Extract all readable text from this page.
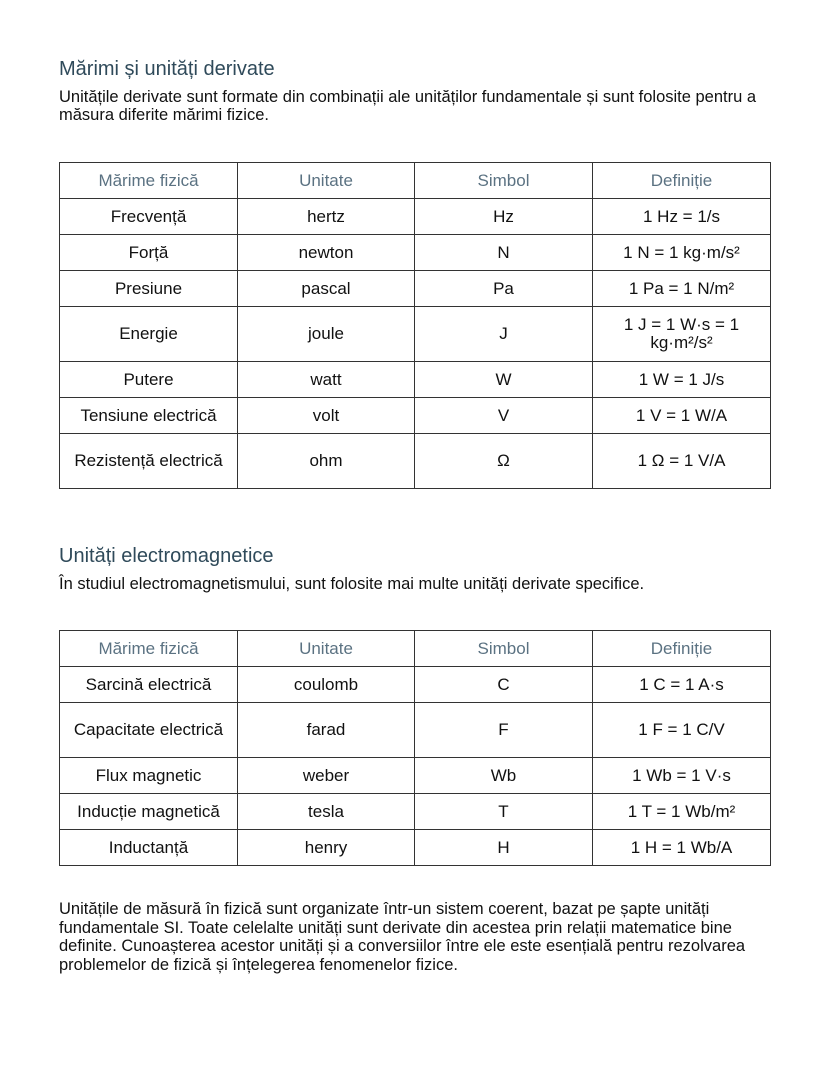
Mărimi și unități derivate

Unitățile derivate sunt formate din combinații ale unităților fundamentale și sunt folosite pentru a măsura diferite mărimi fizice.

Mărime fizică	Unitate	Simbol	Definiție
Frecvență	hertz	Hz	1 Hz = 1/s
Forță	newton	N	1 N = 1 kg·m/s²
Presiune	pascal	Pa	1 Pa = 1 N/m²
Energie	joule	J	1 J = 1 W·s = 1 kg·m²/s²
Putere	watt	W	1 W = 1 J/s
Tensiune electrică	volt	V	1 V = 1 W/A
Rezistență electrică	ohm	Ω	1 Ω = 1 V/A
Unități electromagnetice

În studiul electromagnetismului, sunt folosite mai multe unități derivate specifice.

Mărime fizică	Unitate	Simbol	Definiție
Sarcină electrică	coulomb	C	1 C = 1 A·s
Capacitate electrică	farad	F	1 F = 1 C/V
Flux magnetic	weber	Wb	1 Wb = 1 V·s
Inducție magnetică	tesla	T	1 T = 1 Wb/m²
Inductanță	henry	H	1 H = 1 Wb/A

Unitățile de măsură în fizică sunt organizate într-un sistem coerent, bazat pe șapte unități fundamentale SI. Toate celelalte unități sunt derivate din acestea prin relații matematice bine definite. Cunoașterea acestor unități și a conversiilor între ele este esențială pentru rezolvarea problemelor de fizică și înțelegerea fenomenelor fizice.
